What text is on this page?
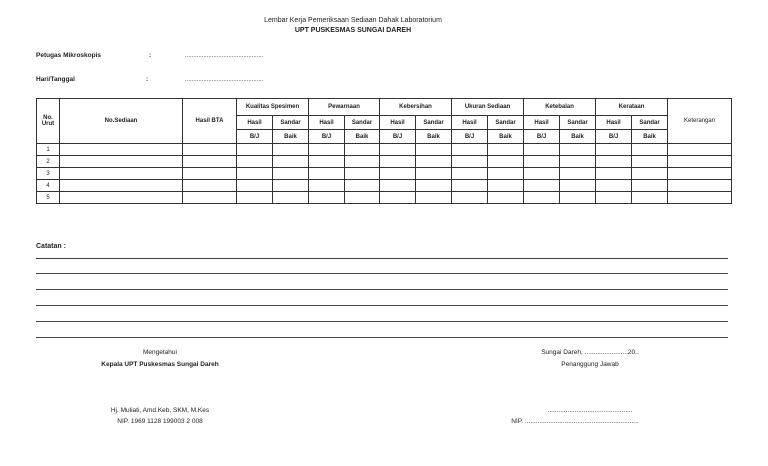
Lembar Kerja Pemeriksaan Sediaan Dahak Laboratorium
UPT PUSKESMAS SUNGAI DAREH
Petugas Mikroskopis	:	...............................................
Hari/Tanggal	:	...............................................
No. Urut	No.Sediaan	Hasil BTA	Kualitas Spesimen		Pewarnaan		Kebersihan		Ukuran Sediaan		Ketebalan		Kerataan		Keterangan
			Hasil	Sandar	Hasil	Sandar	Hasil	Sandar	Hasil	Sandar	Hasil	Sandar	Hasil	Sandar	
			B/J	Baik	B/J	Baik	B/J	Baik	B/J	Baik	B/J	Baik	B/J	Baik	
1															
2															
3															
4															
5															
Catatan :
Mengetahui
Kepala UPT Puskesmas Sungai Dareh
Hj. Muliati, Amd.Keb, SKM, M.Kes
NIP. 1969 1128 199003 2 008
Sungai Dareh, ........................20..
Penanggung Jawab
...............................................
NIP. ...............................................................
